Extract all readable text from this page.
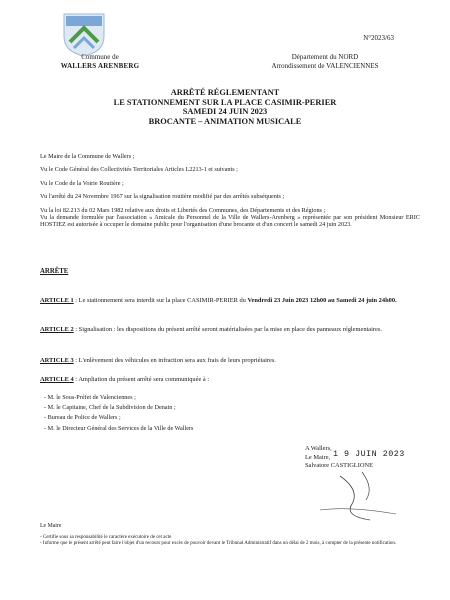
N°2023/63
Commune de
WALLERS ARENBERG
Département du NORD
Arrondissement de VALENCIENNES
ARRÊTÉ RÉGLEMENTANT
LE STATIONNEMENT SUR LA PLACE CASIMIR-PERIER
SAMEDI 24 JUIN 2023
BROCANTE – ANIMATION MUSICALE

Le Maire de la Commune de Wallers ;

Vu le Code Général des Collectivités Territoriales Articles L2213-1 et suivants ;

Vu le Code de la Voirie Routière ;

Vu l'arrêté du 24 Novembre 1967 sur la signalisation routière modifié par des arrêtés subséquents ;

Vu la loi 82.213 du 02 Mars 1982 relative aux droits et Libertés des Communes, des Départements et des Régions ;

Vu la demande formulée par l'association « Amicale du Personnel de la Ville de Wallers-Arenberg » représentée par son président Monsieur ERIC HOSTIEZ est autorisée à occuper le domaine public pour l'organisation d'une brocante et d'un concert le samedi 24 juin 2023.

ARRÊTE
ARTICLE 1 : Le stationnement sera interdit sur la place CASIMIR-PERIER du Vendredi 23 Juin 2023 12h00 au Samedi 24 juin 24h00.
ARTICLE 2 : Signalisation : les dispositions du présent arrêté seront matérialisées par la mise en place des panneaux réglementaires.
ARTICLE 3 : L'enlèvement des véhicules en infraction sera aux frais de leurs propriétaires.
ARTICLE 4 : Ampliation du présent arrêté sera communiquée à :
- M. le Sous-Préfet de Valenciennes ;
- M. le Capitaine, Chef de la Subdivision de Denain ;
- Bureau de Police de Wallers ;
- M. le Directeur Général des Services de la Ville de Wallers
A Wallers,
Le Maire,
Salvatore CASTIGLIONE
1 9 JUIN 2023
Le Maire
- Certifie sous sa responsabilité le caractère exécutoire de cet acte
- Informe que le présent arrêté peut faire l'objet d'un recours pour excès de pouvoir devant le Tribunal Administratif dans un délai de 2 mois, à compter de la présente notification.
